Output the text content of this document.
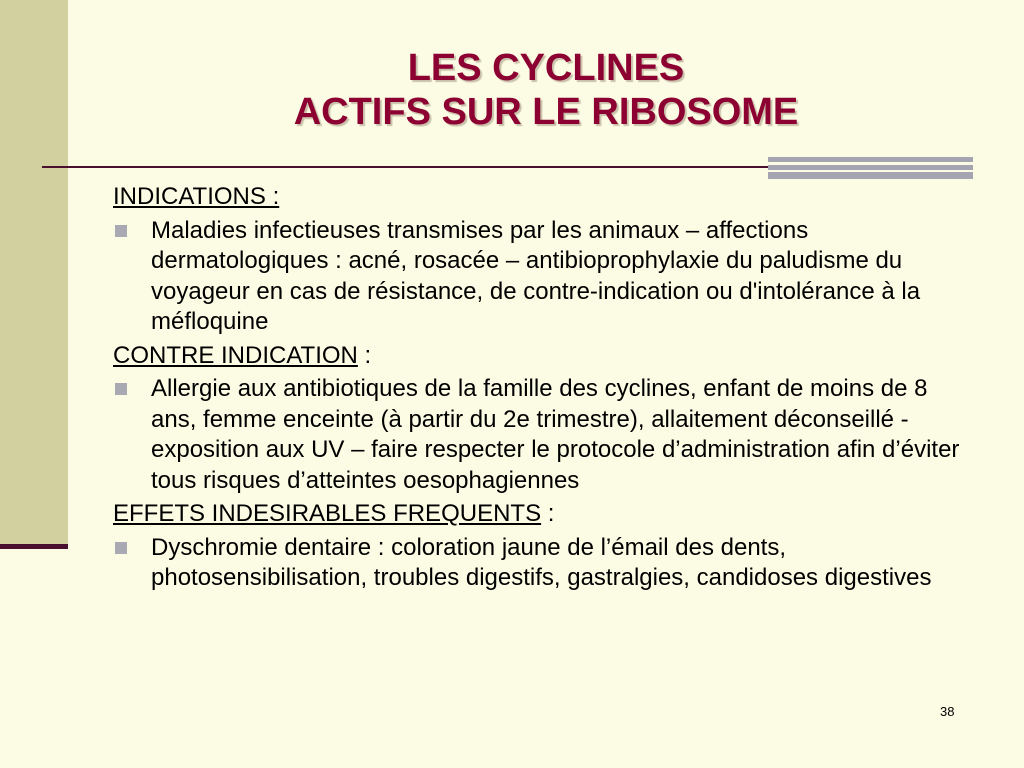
LES CYCLINES
ACTIFS SUR LE RIBOSOME

INDICATIONS :

Maladies infectieuses transmises par les animaux – affections dermatologiques : acné, rosacée – antibioprophylaxie du paludisme du voyageur en cas de résistance, de contre-indication ou d'intolérance à la méfloquine

CONTRE INDICATION :

Allergie aux antibiotiques de la famille des cyclines, enfant de moins de 8 ans, femme enceinte (à partir du 2e trimestre), allaitement déconseillé - exposition aux UV – faire respecter le protocole d’administration afin d’éviter tous risques d’atteintes oesophagiennes

EFFETS INDESIRABLES FREQUENTS :

Dyschromie dentaire : coloration jaune de l’émail des dents, photosensibilisation, troubles digestifs, gastralgies, candidoses digestives
38
